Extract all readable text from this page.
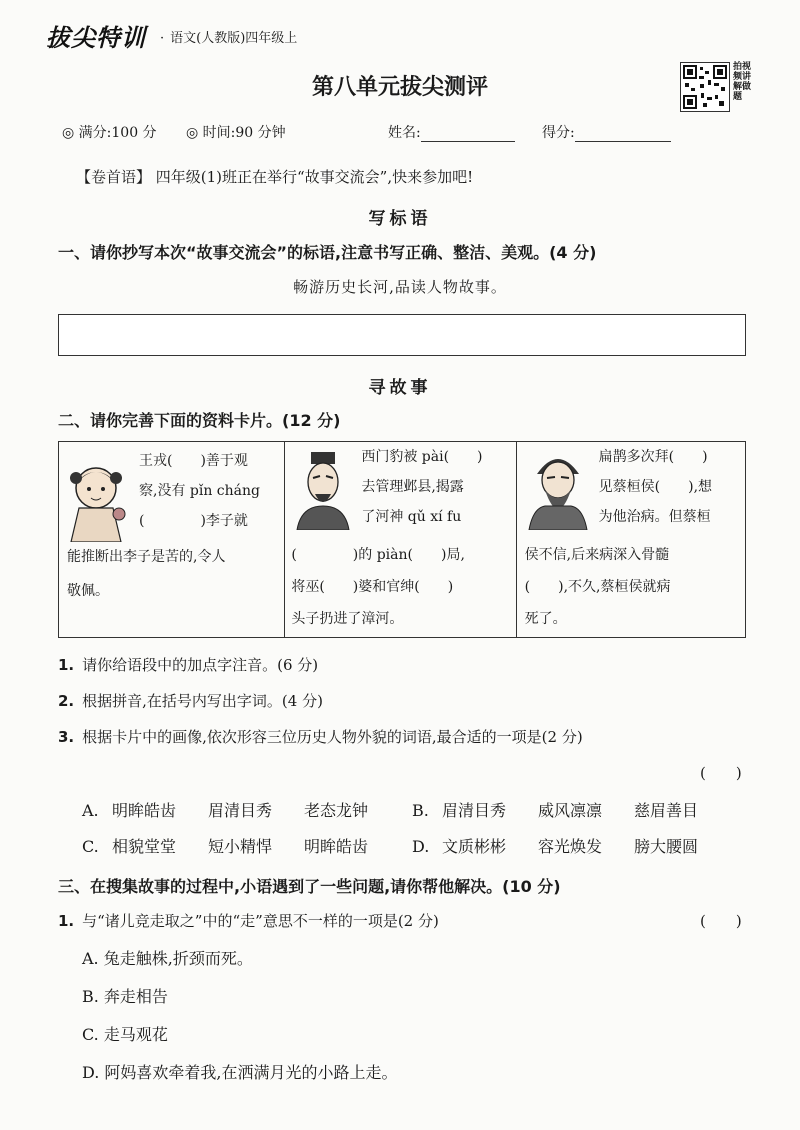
拔尖特训 · 语文(人教版)四年级上
第八单元拔尖测评
拍视频讲解做题
◎ 满分:100 分 ◎ 时间:90 分钟	姓名:	得分:
【卷首语】 四年级(1)班正在举行“故事交流会”,快来参加吧!
写标语
一、请你抄写本次“故事交流会”的标语,注意书写正确、整洁、美观。(4 分)
畅游历史长河,品读人物故事。
寻故事
二、请你完善下面的资料卡片。(12 分)
王戎(　　)善于观
察,没有 pǐn cháng
(　　　　)李子就
能推断出李子是苦的,令人
敬佩。
西门豹被 pài(　　)
去管理邺县,揭露
了河神 qǔ xí fu
(　　　　)的 piàn(　　)局,
将巫(　　)婆和官绅(　　)
头子扔进了漳河。
扁鹊多次拜(　　)
见蔡桓侯(　　),想
为他治病。但蔡桓
侯不信,后来病深入骨髓
(　　),不久,蔡桓侯就病
死了。
1. 请你给语段中的加点字注音。(6 分)
2. 根据拼音,在括号内写出字词。(4 分)
3. 根据卡片中的画像,依次形容三位历史人物外貌的词语,最合适的一项是(2 分)
(　　)
A. 明眸皓齿 眉清目秀 老态龙钟	B. 眉清目秀 威风凛凛 慈眉善目
C. 相貌堂堂 短小精悍 明眸皓齿	D. 文质彬彬 容光焕发 膀大腰圆
三、在搜集故事的过程中,小语遇到了一些问题,请你帮他解决。(10 分)
1. 与“诸儿竞走取之”中的“走”意思不一样的一项是(2 分)	(　　)
A. 兔走触株,折颈而死。
B. 奔走相告
C. 走马观花
D. 阿妈喜欢牵着我,在洒满月光的小路上走。
